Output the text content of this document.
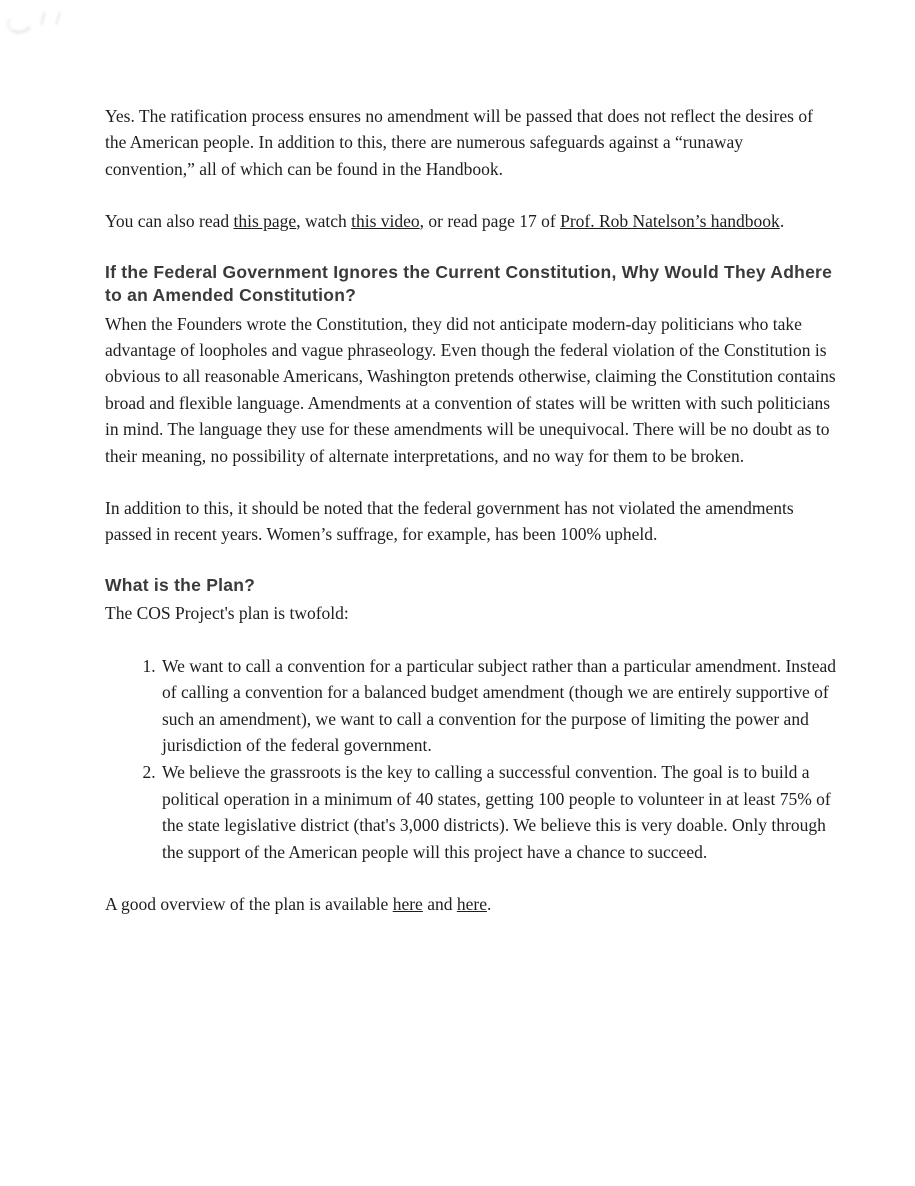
Yes. The ratification process ensures no amendment will be passed that does not reflect the desires of the American people. In addition to this, there are numerous safeguards against a “runaway convention,” all of which can be found in the Handbook.

You can also read this page, watch this video, or read page 17 of Prof. Rob Natelson’s handbook.

If the Federal Government Ignores the Current Constitution, Why Would They Adhere to an Amended Constitution?

When the Founders wrote the Constitution, they did not anticipate modern-day politicians who take advantage of loopholes and vague phraseology. Even though the federal violation of the Constitution is obvious to all reasonable Americans, Washington pretends otherwise, claiming the Constitution contains broad and flexible language. Amendments at a convention of states will be written with such politicians in mind. The language they use for these amendments will be unequivocal. There will be no doubt as to their meaning, no possibility of alternate interpretations, and no way for them to be broken.

In addition to this, it should be noted that the federal government has not violated the amendments passed in recent years. Women’s suffrage, for example, has been 100% upheld.

What is the Plan?

The COS Project's plan is twofold:

1. We want to call a convention for a particular subject rather than a particular amendment. Instead of calling a convention for a balanced budget amendment (though we are entirely supportive of such an amendment), we want to call a convention for the purpose of limiting the power and jurisdiction of the federal government.
2. We believe the grassroots is the key to calling a successful convention. The goal is to build a political operation in a minimum of 40 states, getting 100 people to volunteer in at least 75% of the state legislative district (that's 3,000 districts). We believe this is very doable. Only through the support of the American people will this project have a chance to succeed.

A good overview of the plan is available here and here.
